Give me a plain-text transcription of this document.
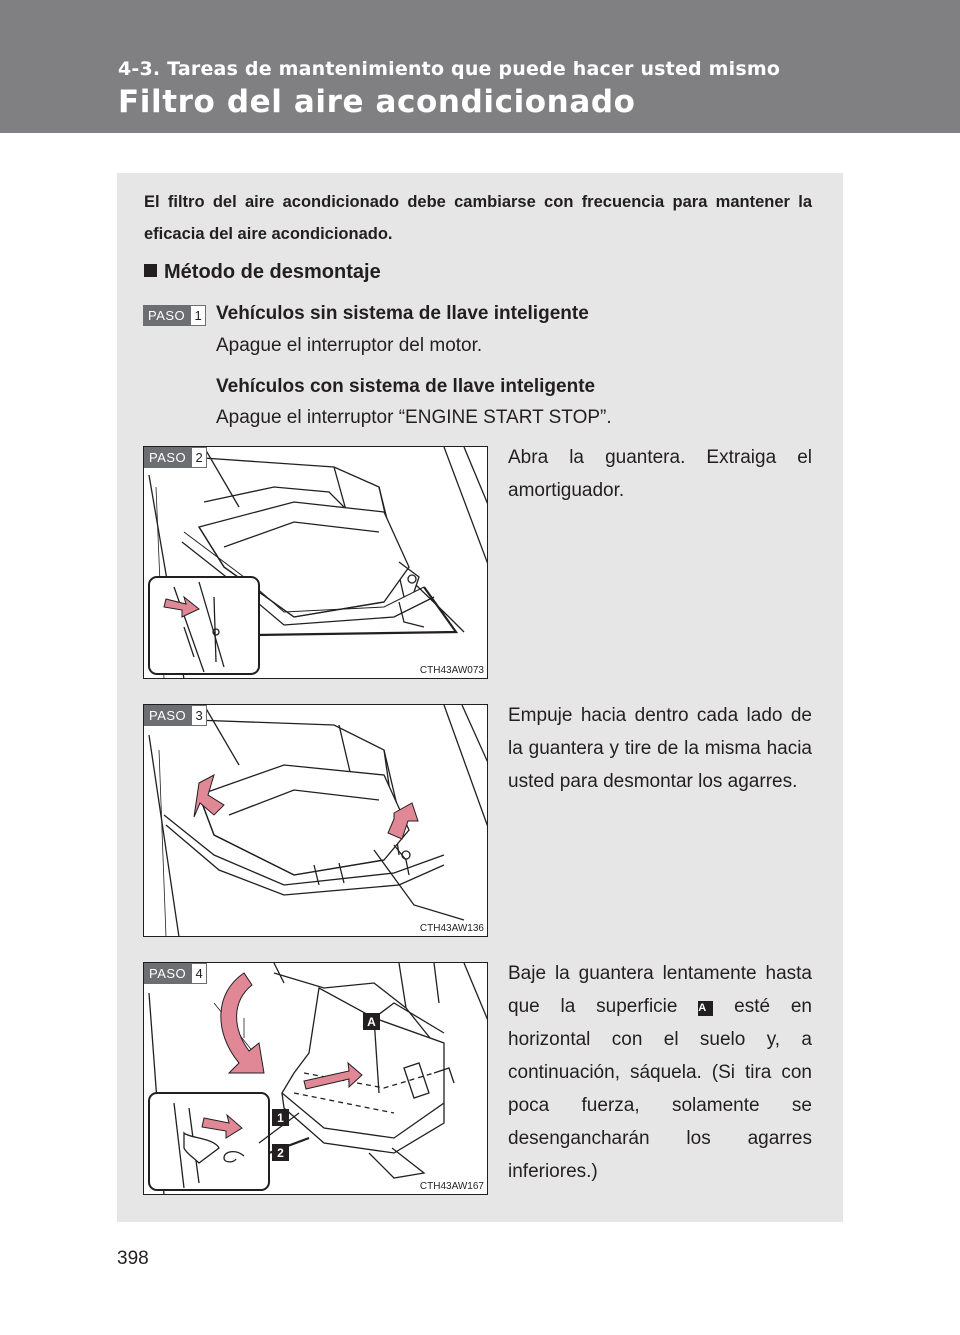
4-3. Tareas de mantenimiento que puede hacer usted mismo

Filtro del aire acondicionado

El filtro del aire acondicionado debe cambiarse con frecuencia para mantener la eficacia del aire acondicionado.

Método de desmontaje

PASO 1 Vehículos sin sistema de llave inteligente

Apague el interruptor del motor.

Vehículos con sistema de llave inteligente

Apague el interruptor “ENGINE START STOP”.

PASO 2
CTH43AW073

Abra la guantera. Extraiga el amortiguador.

PASO 3
CTH43AW136

Empuje hacia dentro cada lado de la guantera y tire de la misma hacia usted para desmontar los agarres.

A
1
2
PASO 4
CTH43AW167

Baje la guantera lentamente hasta que la superficie A esté en horizontal con el suelo y, a continuación, sáquela. (Si tira con poca fuerza, solamente se desengancharán los agarres inferiores.)

398
